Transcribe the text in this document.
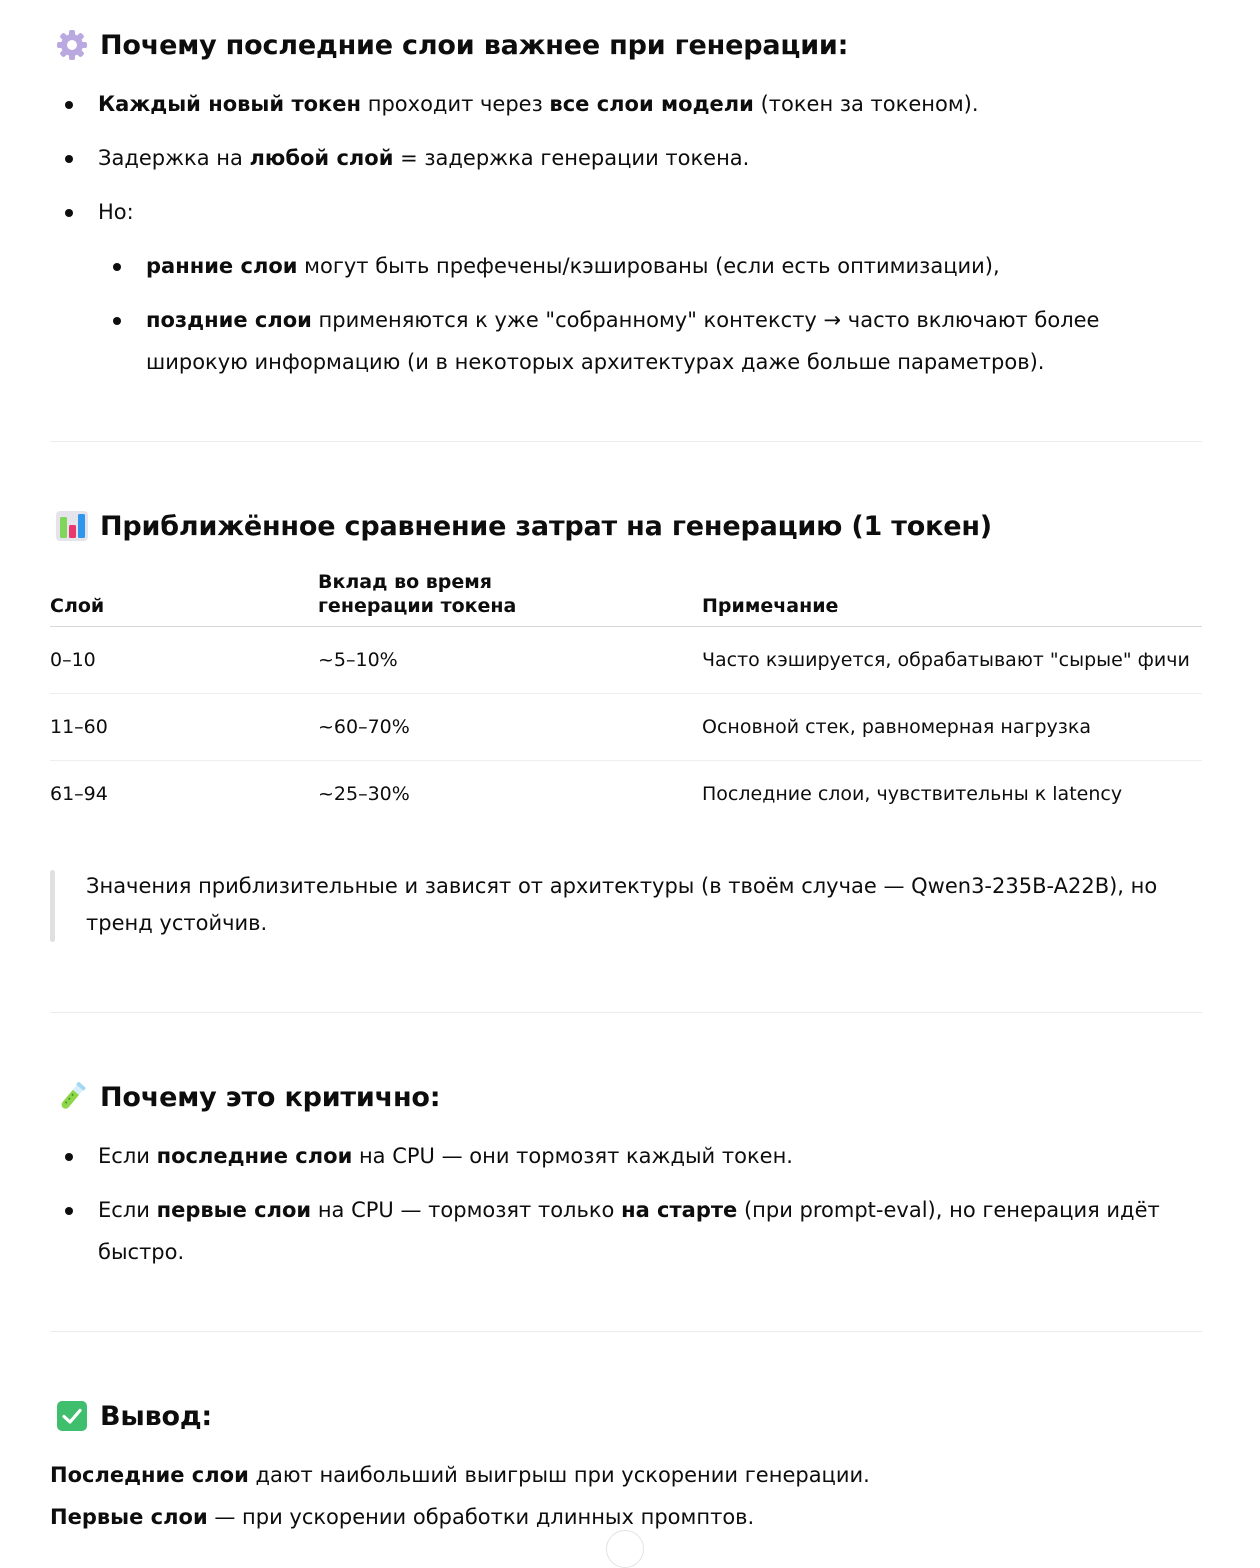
Почему последние слои важнее при генерации:
Каждый новый токен проходит через все слои модели (токен за токеном).
Задержка на любой слой = задержка генерации токена.
Но:
ранние слои могут быть префечены/кэшированы (если есть оптимизации),
поздние слои применяются к уже "собранному" контексту → часто включают более широкую информацию (и в некоторых архитектурах даже больше параметров).
Приближённое сравнение затрат на генерацию (1 токен)
Слой	Вклад во время генерации токена	Примечание
0–10	~5–10%	Часто кэшируется, обрабатывают "сырые" фичи
11–60	~60–70%	Основной стек, равномерная нагрузка
61–94	~25–30%	Последние слои, чувствительны к latency
Значения приблизительные и зависят от архитектуры (в твоём случае — Qwen3-235B-A22B), но тренд устойчив.
Почему это критично:
Если последние слои на CPU — они тормозят каждый токен.
Если первые слои на CPU — тормозят только на старте (при prompt-eval), но генерация идёт быстро.
Вывод:
Последние слои дают наибольший выигрыш при ускорении генерации.
Первые слои — при ускорении обработки длинных промптов.
